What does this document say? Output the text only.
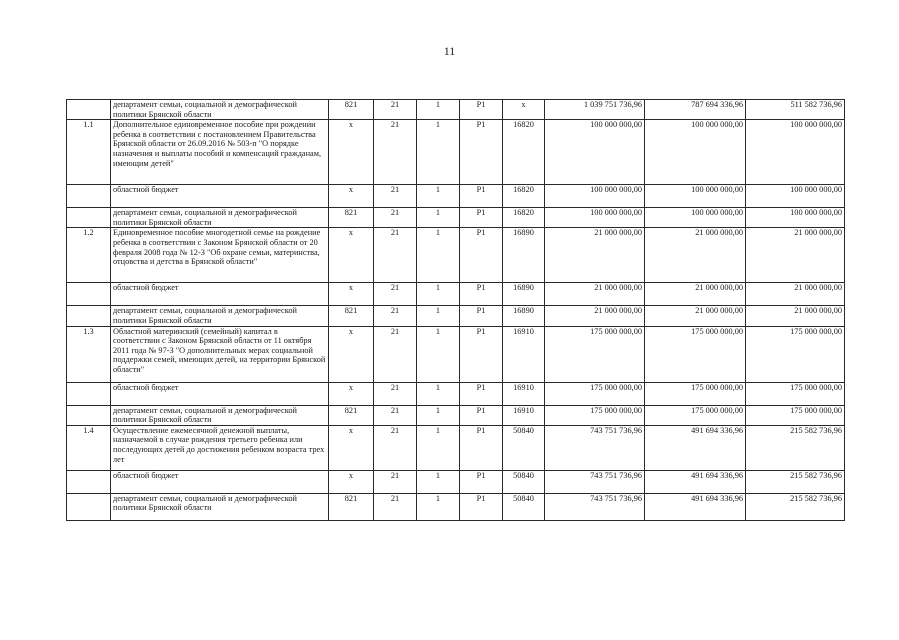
11
	департамент семьи, социальной и демографической политики Брянской области	821	21	1	P1	x	1 039 751 736,96	787 694 336,96	511 582 736,96
1.1	Дополнительное единовременное пособие при рождении ребенка в соответствии с постановлением Правительства Брянской области от 26.09.2016 № 503-п "О порядке назначения и выплаты пособий и компенсаций гражданам, имеющим детей"	x	21	1	P1	16820	100 000 000,00	100 000 000,00	100 000 000,00
	областной бюджет	x	21	1	P1	16820	100 000 000,00	100 000 000,00	100 000 000,00
	департамент семьи, социальной и демографической политики Брянской области	821	21	1	P1	16820	100 000 000,00	100 000 000,00	100 000 000,00
1.2	Единовременное пособие многодетной семье на рождение ребенка в соответствии с Законом Брянской области от 20 февраля 2008 года № 12-З "Об охране семьи, материнства, отцовства и детства в Брянской области"	x	21	1	P1	16890	21 000 000,00	21 000 000,00	21 000 000,00
	областной бюджет	x	21	1	P1	16890	21 000 000,00	21 000 000,00	21 000 000,00
	департамент семьи, социальной и демографической политики Брянской области	821	21	1	P1	16890	21 000 000,00	21 000 000,00	21 000 000,00
1.3	Областной материнский (семейный) капитал в соответствии с Законом Брянской области от 11 октября 2011 года № 97-З "О дополнительных мерах социальной поддержки семей, имеющих детей, на территории Брянской области"	x	21	1	P1	16910	175 000 000,00	175 000 000,00	175 000 000,00
	областной бюджет	x	21	1	P1	16910	175 000 000,00	175 000 000,00	175 000 000,00
	департамент семьи, социальной и демографической политики Брянской области	821	21	1	P1	16910	175 000 000,00	175 000 000,00	175 000 000,00
1.4	Осуществление ежемесячной денежной выплаты, назначаемой в случае рождения третьего ребенка или последующих детей до достижения ребенком возраста трех лет	x	21	1	P1	50840	743 751 736,96	491 694 336,96	215 582 736,96
	областной бюджет	x	21	1	P1	50840	743 751 736,96	491 694 336,96	215 582 736,96
	департамент семьи, социальной и демографической политики Брянской области	821	21	1	P1	50840	743 751 736,96	491 694 336,96	215 582 736,96
